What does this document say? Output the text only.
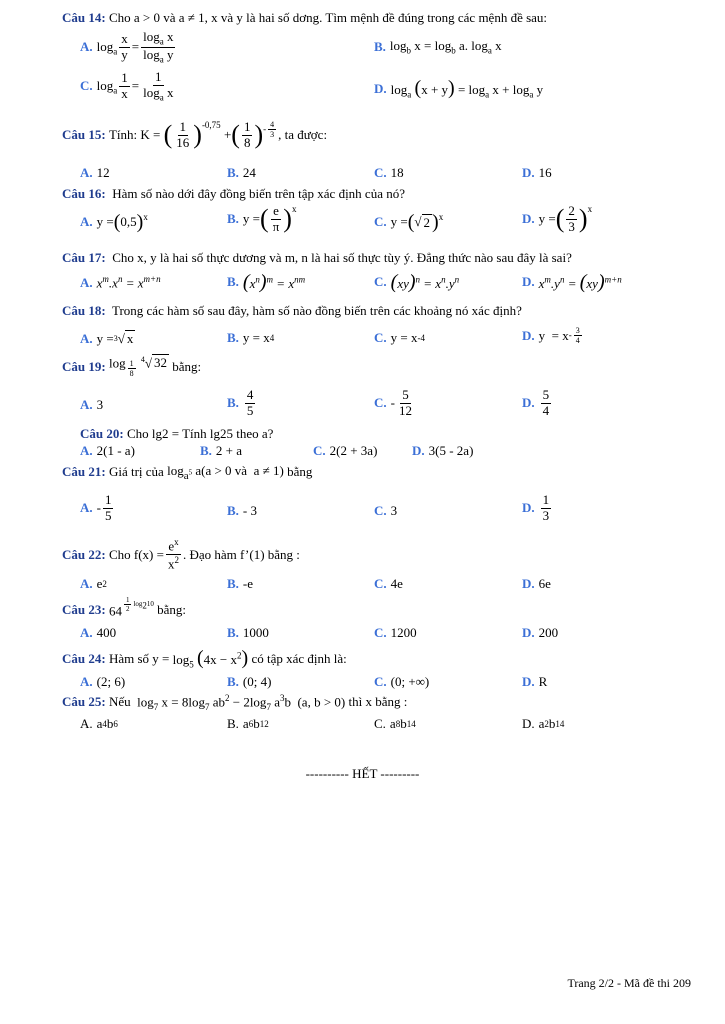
Câu 14: Cho a > 0 và a ≠ 1, x và y là hai số dơng. Tìm mệnh đề đúng trong các mệnh đề sau:
A. $\log_a \frac{x}{y} = \frac{\log_a x}{\log_a y}$	B. $\log_b x = \log_b a$. $\log_a x$
C. $\log_a \frac{1}{x} = \frac{1}{\log_a x}$	D. $\log_a (x + y) = \log_a x + \log_a y$
Câu 15:
Tính: K =
( $\frac{1}{16} )^{-0,75}$
+ ( $\frac{1}{8} )^{- \frac{4}{3}}$ , ta được:
A. 12	B. 24	C. 18	D. 16
Câu 16: Hàm số nào dới đây đồng biến trên tập xác định của nó?
A. y = ( 0,5 )$^x$	B. y = ( $\frac{e}{\pi} )^x$
C. y = ( √ 2 )$^x$	D. y = ( $\frac{2}{3} )^x$
Câu 17: Cho x, y là hai số thực dương và m, n là hai số thực tùy ý. Đẳng thức nào sau đây là sai?
A. $x^m.x^n = x^{m+n}$	B. $(x^n)^m = x^{nm}$	C. $(xy)^n = x^n.y^n$	D. $x^m.y^n = (xy)^{m+n}$
Câu 18: Trong các hàm số sau đây, hàm số nào đồng biến trên các khoảng nó xác định?
A. y = 3 √ x	B. y = x 4	C. y = x -4	D. $y = x - \frac{3}{4}$
Câu 19:
log $_{\frac{1}{8}}$ $^4$√ 32
bằng:
A. 3	B. $\frac{4}{5}$	C. - $\frac{5}{12}$	D. $\frac{5}{4}$
Câu 20: Cho lg2 = Tính lg25 theo a?
A. 2(1 - a)	B. 2 + a	C. 2(2 + 3a)	D. 3(5 - 2a)
Câu 21:
Giá trị của
$\log_{a^5} a(a > 0$ và  a ≠ 1)
bằng
A. - $\frac{1}{5}$	B. - 3	C. 3	D. $\frac{1}{3}$
Câu 22:
Cho $f(x) = \frac{e^x}{x^2}$ . Đạo hàm f’(1) bằng :
A. e 2	B. -e	C. 4e	D. 6e
Câu 23:
64 $^{\frac{1}{2} log_210}$
bằng:
A. 400	B. 1000	C. 1200	D. 200
Câu 24:
Hàm số y =
$\log_5 (4x - x^2)$
có tập xác định là:
A. (2; 6)	B. (0; 4)	C. (0; +∞)	D. R
Câu 25:
Nếu
$\log_7 x = 8\log_7$ $ab^2 - 2\log_7$ $a^3b$  (a, b > 0)
thì x bằng :
A. a 4 b 6	B. a 6 b 12	C. a 8 b 14	D. a 2 b 14
---------- HẾT ---------
Trang 2/2 - Mã đề thi 209
